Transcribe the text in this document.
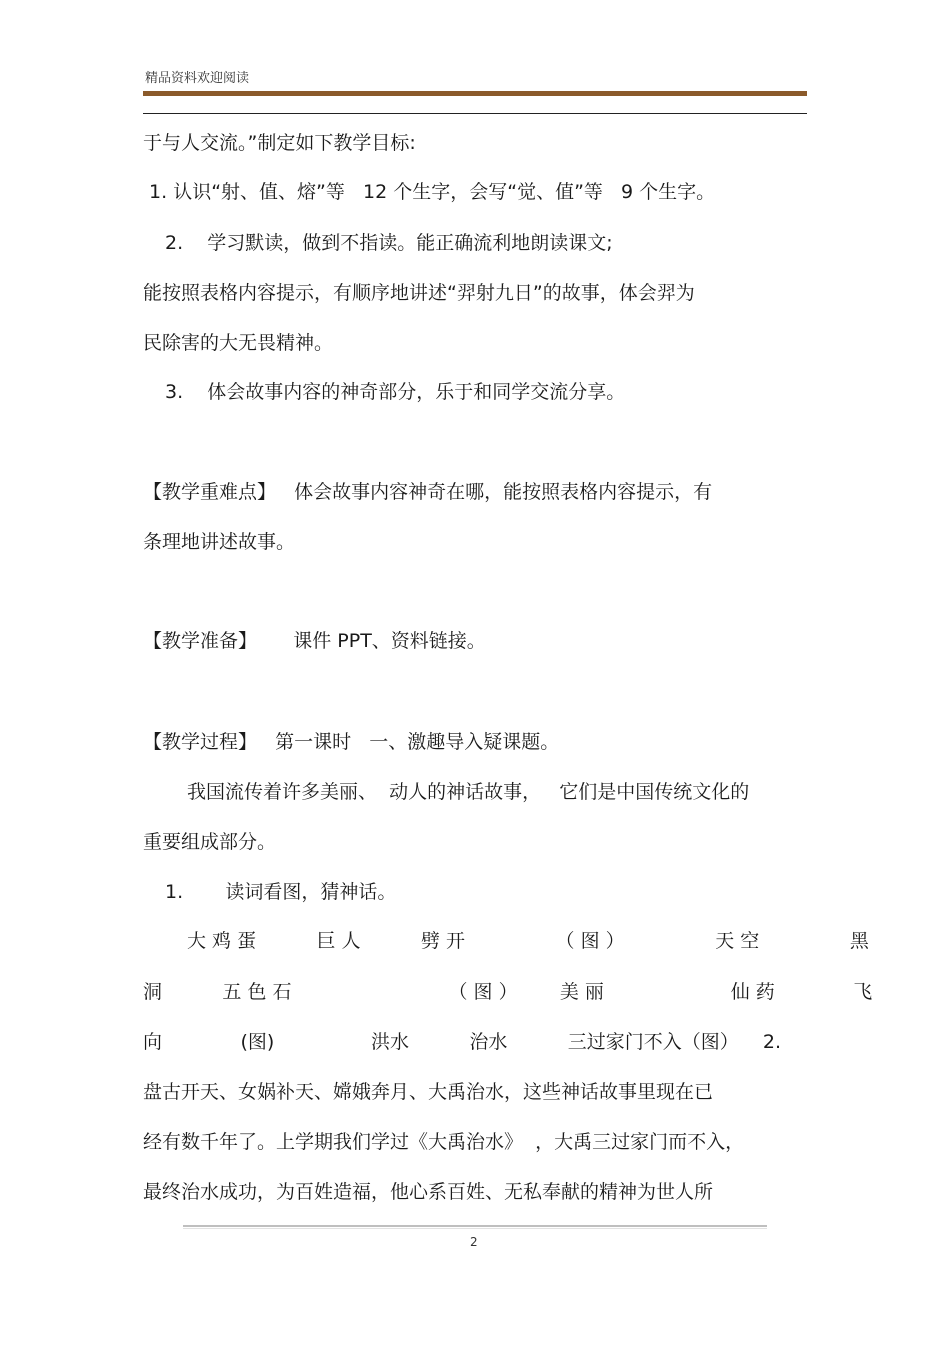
精品资料欢迎阅读
于与人交流。”制定如下教学目标:
1. 认识“射、值、熔”等   12 个生字，会写“觉、值”等   9 个生字。
2.    学习默读，做到不指读。能正确流利地朗读课文;
能按照表格内容提示，有顺序地讲述“羿射九日”的故事，体会羿为
民除害的大无畏精神。
3.    体会故事内容的神奇部分，乐于和同学交流分享。
【教学重难点】   体会故事内容神奇在哪，能按照表格内容提示，有
条理地讲述故事。
【教学准备】      课件 PPT、资料链接。
【教学过程】   第一课时   一、激趣导入疑课题。
我国流传着许多美丽、  动人的神话故事，   它们是中国传统文化的
重要组成部分。
1.       读词看图，猜神话。
大 鸡 蛋          巨 人          劈 开               （ 图 ）               天 空               黑
洞          五 色 石                          （ 图 ）       美 丽                     仙 药             飞
向             (图)                洪水          治水          三过家门不入（图）    2.
盘古开天、女娲补天、嫦娥奔月、大禹治水，这些神话故事里现在已
经有数千年了。上学期我们学过《大禹治水》  ，大禹三过家门而不入，
最终治水成功，为百姓造福，他心系百姓、无私奉献的精神为世人所
2
